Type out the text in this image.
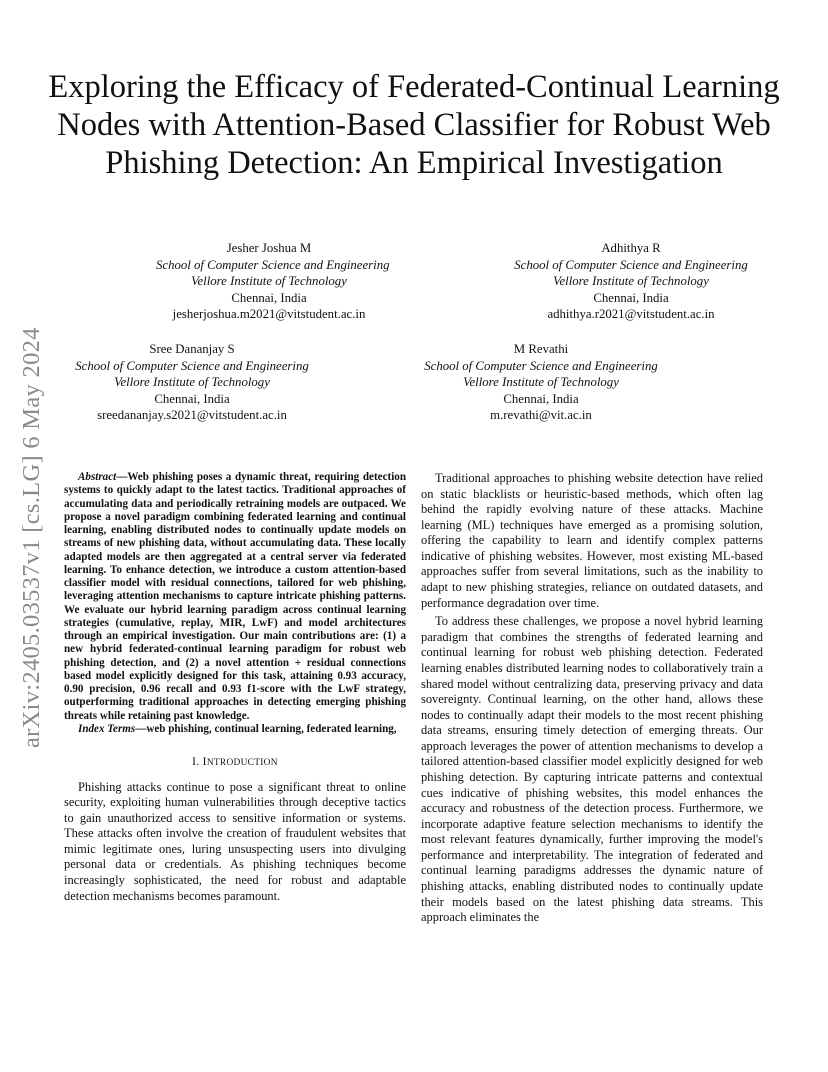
arXiv:2405.03537v1 [cs.LG] 6 May 2024
Exploring the Efficacy of Federated-Continual Learning Nodes with Attention-Based Classifier for Robust Web Phishing Detection: An Empirical Investigation
Jesher Joshua M
School of Computer Science and Engineering
Vellore Institute of Technology
Chennai, India
jesherjoshua.m2021@vitstudent.ac.in
Adhithya R
School of Computer Science and Engineering
Vellore Institute of Technology
Chennai, India
adhithya.r2021@vitstudent.ac.in
Sree Dananjay S
School of Computer Science and Engineering
Vellore Institute of Technology
Chennai, India
sreedananjay.s2021@vitstudent.ac.in
M Revathi
School of Computer Science and Engineering
Vellore Institute of Technology
Chennai, India
m.revathi@vit.ac.in

Abstract—Web phishing poses a dynamic threat, requiring detection systems to quickly adapt to the latest tactics. Traditional approaches of accumulating data and periodically retraining models are outpaced. We propose a novel paradigm combining federated learning and continual learning, enabling distributed nodes to continually update models on streams of new phishing data, without accumulating data. These locally adapted models are then aggregated at a central server via federated learning. To enhance detection, we introduce a custom attention-based classifier model with residual connections, tailored for web phishing, leveraging attention mechanisms to capture intricate phishing patterns. We evaluate our hybrid learning paradigm across continual learning strategies (cumulative, replay, MIR, LwF) and model architectures through an empirical investigation. Our main contributions are: (1) a new hybrid federated-continual learning paradigm for robust web phishing detection, and (2) a novel attention + residual connections based model explicitly designed for this task, attaining 0.93 accuracy, 0.90 precision, 0.96 recall and 0.93 f1-score with the LwF strategy, outperforming traditional approaches in detecting emerging phishing threats while retaining past knowledge.

Index Terms—web phishing, continual learning, federated learning,

I. INTRODUCTION

Phishing attacks continue to pose a significant threat to online security, exploiting human vulnerabilities through deceptive tactics to gain unauthorized access to sensitive information or systems. These attacks often involve the creation of fraudulent websites that mimic legitimate ones, luring unsuspecting users into divulging personal data or credentials. As phishing techniques become increasingly sophisticated, the need for robust and adaptable detection mechanisms becomes paramount.

Traditional approaches to phishing website detection have relied on static blacklists or heuristic-based methods, which often lag behind the rapidly evolving nature of these attacks. Machine learning (ML) techniques have emerged as a promising solution, offering the capability to learn and identify complex patterns indicative of phishing websites. However, most existing ML-based approaches suffer from several limitations, such as the inability to adapt to new phishing strategies, reliance on outdated datasets, and performance degradation over time.

To address these challenges, we propose a novel hybrid learning paradigm that combines the strengths of federated learning and continual learning for robust web phishing detection. Federated learning enables distributed learning nodes to collaboratively train a shared model without centralizing data, preserving privacy and data sovereignty. Continual learning, on the other hand, allows these nodes to continually adapt their models to the most recent phishing data streams, ensuring timely detection of emerging threats. Our approach leverages the power of attention mechanisms to develop a tailored attention-based classifier model explicitly designed for web phishing detection. By capturing intricate patterns and contextual cues indicative of phishing websites, this model enhances the accuracy and robustness of the detection process. Furthermore, we incorporate adaptive feature selection mechanisms to identify the most relevant features dynamically, further improving the model's performance and interpretability. The integration of federated and continual learning paradigms addresses the dynamic nature of phishing attacks, enabling distributed nodes to continually update their models based on the latest phishing data streams. This approach eliminates the
